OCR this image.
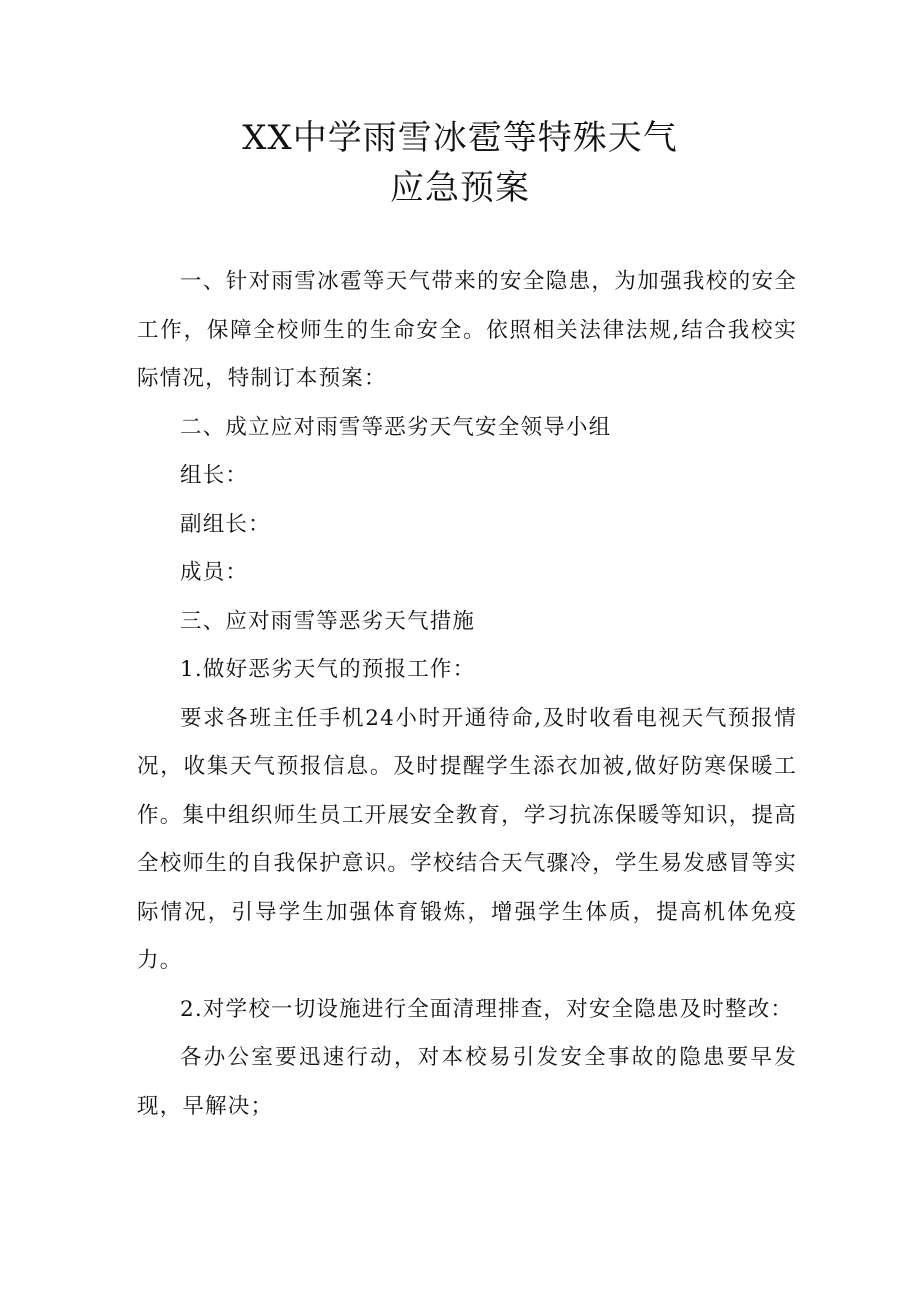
XX中学雨雪冰雹等特殊天气
应急预案

一、针对雨雪冰雹等天气带来的安全隐患，为加强我校的安全工作，保障全校师生的生命安全。依照相关法律法规,结合我校实际情况，特制订本预案：

二、成立应对雨雪等恶劣天气安全领导小组

组长：

副组长：

成员：

三、应对雨雪等恶劣天气措施

1.做好恶劣天气的预报工作：

要求各班主任手机24小时开通待命,及时收看电视天气预报情况，收集天气预报信息。及时提醒学生添衣加被,做好防寒保暖工作。集中组织师生员工开展安全教育，学习抗冻保暖等知识，提高全校师生的自我保护意识。学校结合天气骤冷，学生易发感冒等实际情况，引导学生加强体育锻炼，增强学生体质，提高机体免疫力。

2.对学校一切设施进行全面清理排查，对安全隐患及时整改：

各办公室要迅速行动，对本校易引发安全事故的隐患要早发现，早解决；
